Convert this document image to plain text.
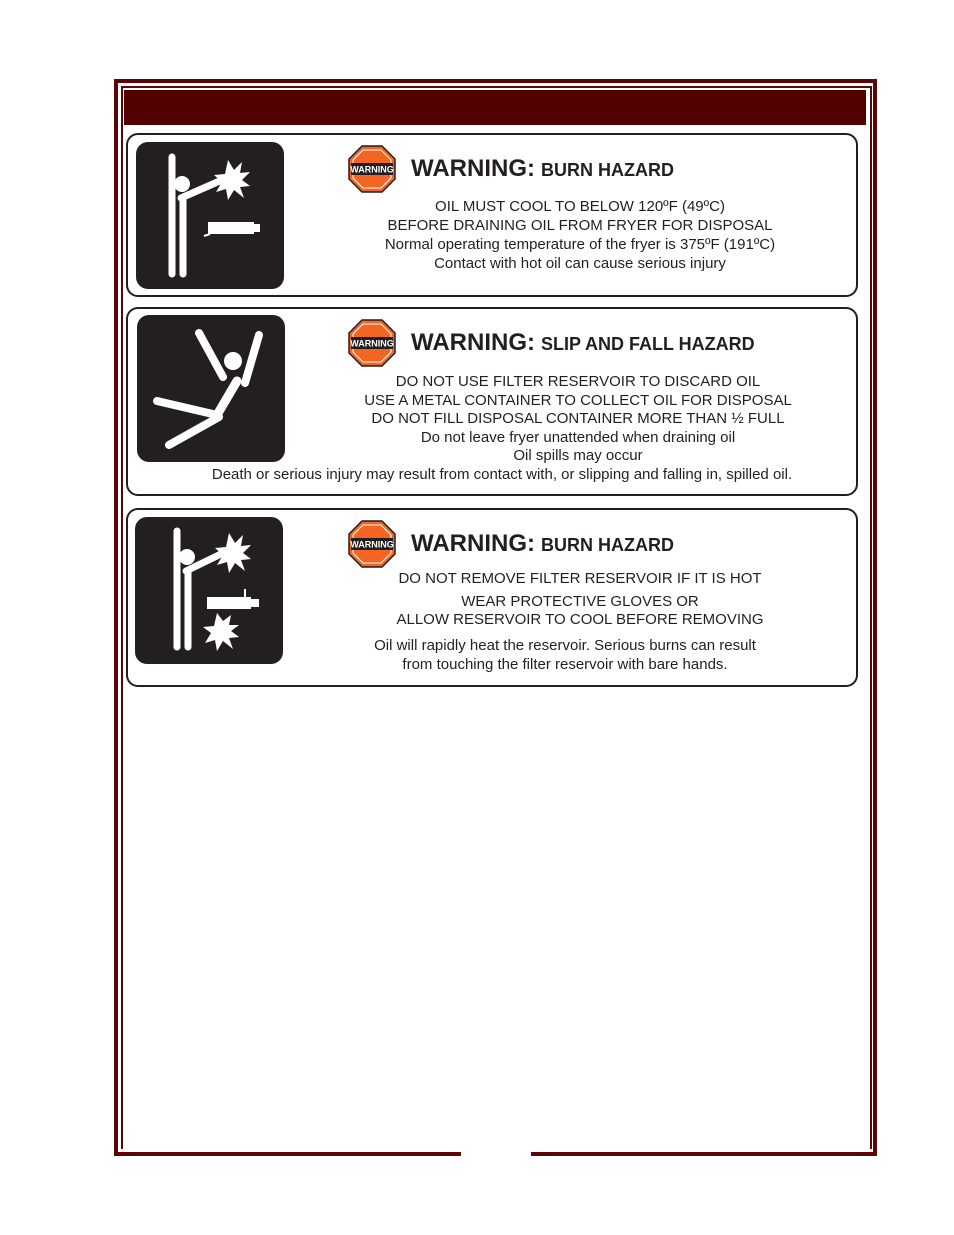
WARNING WARNING: BURN HAZARD
OIL MUST COOL TO BELOW 120ºF (49ºC)
BEFORE DRAINING OIL FROM FRYER FOR DISPOSAL
Normal operating temperature of the fryer is 375ºF (191ºC)
Contact with hot oil can cause serious injury
WARNING WARNING: SLIP AND FALL HAZARD
DO NOT USE FILTER RESERVOIR TO DISCARD OIL
USE A METAL CONTAINER TO COLLECT OIL FOR DISPOSAL
DO NOT FILL DISPOSAL CONTAINER MORE THAN ½ FULL
Do not leave fryer unattended when draining oil
Oil spills may occur
Death or serious injury may result from contact with, or slipping and falling in, spilled oil.
WARNING WARNING: BURN HAZARD
DO NOT REMOVE FILTER RESERVOIR IF IT IS HOT
WEAR PROTECTIVE GLOVES OR
ALLOW RESERVOIR TO COOL BEFORE REMOVING
Oil will rapidly heat the reservoir. Serious burns can result
from touching the filter reservoir with bare hands.
